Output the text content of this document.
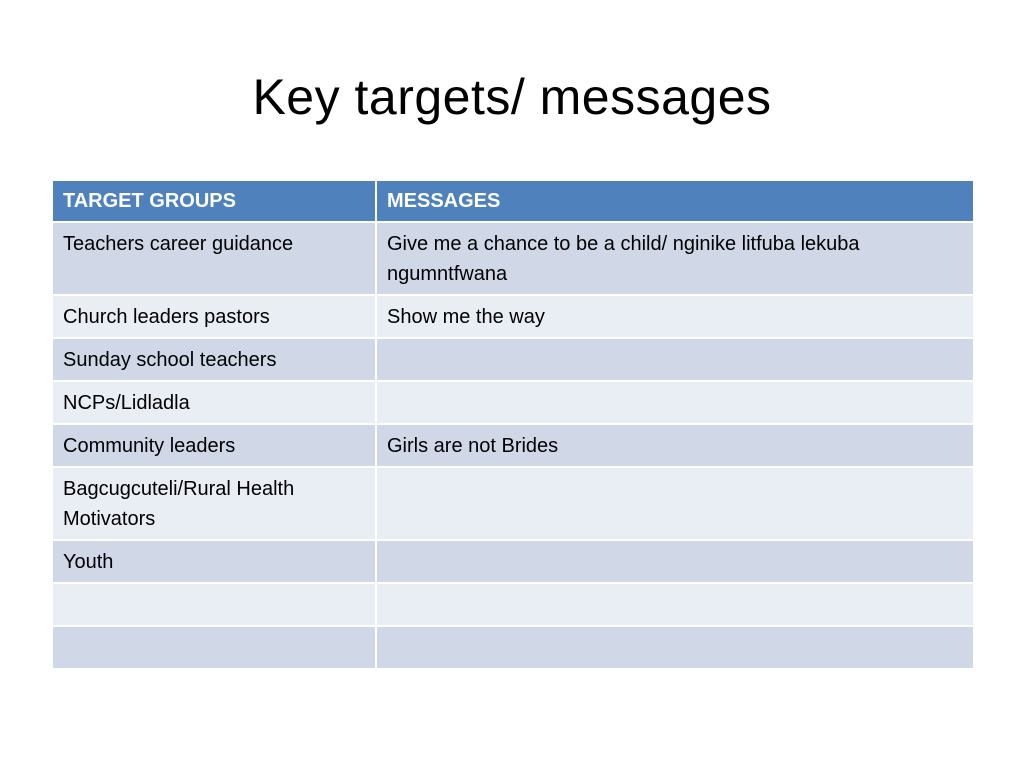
Key targets/ messages
TARGET GROUPS	MESSAGES
Teachers career guidance	Give me a chance to be a child/ nginike litfuba lekuba ngumntfwana
Church leaders pastors	Show me the way
Sunday school teachers	
NCPs/Lidladla	
Community leaders	Girls are not Brides
Bagcugcuteli/Rural Health Motivators	
Youth	
